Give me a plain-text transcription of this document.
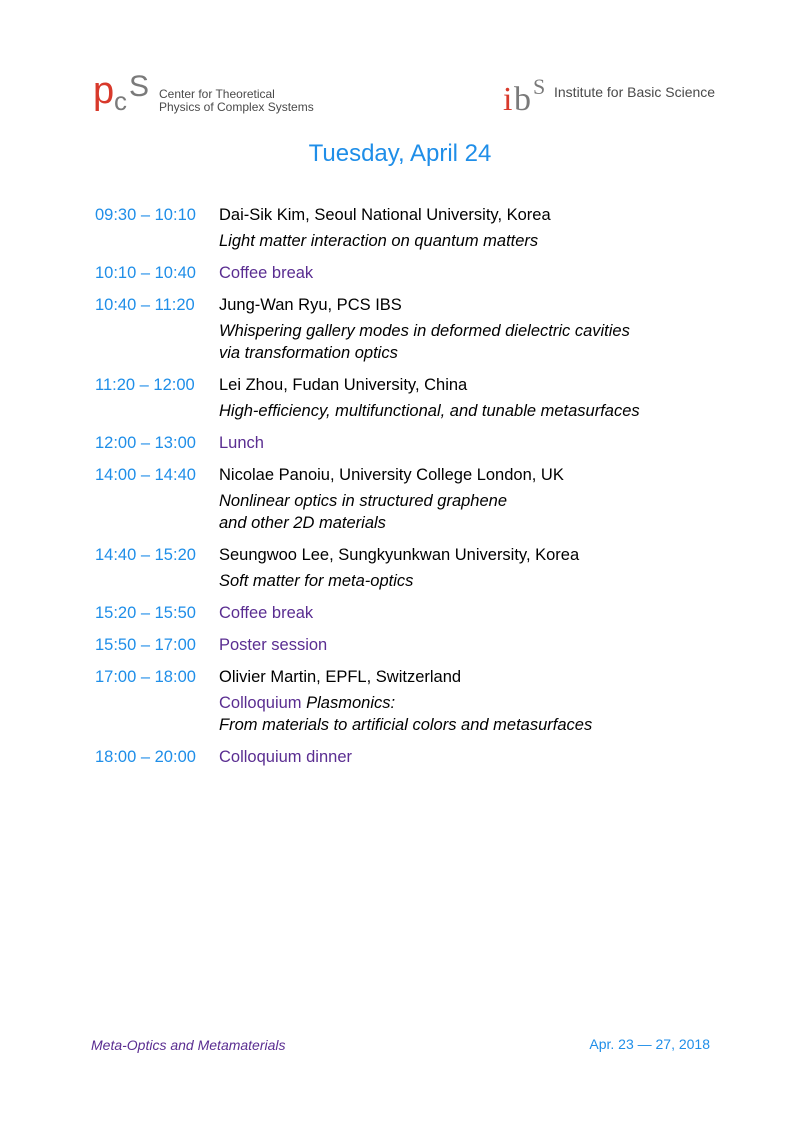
p c S Center for Theoretical
Physics of Complex Systems	i b S Institute for Basic Science
Tuesday, April 24
09:30 – 10:10	Dai-Sik Kim, Seoul National University, Korea
Light matter interaction on quantum matters
10:10 – 10:40	Coffee break
10:40 – 11:20	Jung-Wan Ryu, PCS IBS
Whispering gallery modes in deformed dielectric cavities
via transformation optics
11:20 – 12:00	Lei Zhou, Fudan University, China
High-efficiency, multifunctional, and tunable metasurfaces
12:00 – 13:00	Lunch
14:00 – 14:40	Nicolae Panoiu, University College London, UK
Nonlinear optics in structured graphene
and other 2D materials
14:40 – 15:20	Seungwoo Lee, Sungkyunkwan University, Korea
Soft matter for meta-optics
15:20 – 15:50	Coffee break
15:50 – 17:00	Poster session
17:00 – 18:00	Olivier Martin, EPFL, Switzerland
Colloquium Plasmonics:
From materials to artificial colors and metasurfaces
18:00 – 20:00	Colloquium dinner
Meta-Optics and Metamaterials	Apr. 23 — 27, 2018
